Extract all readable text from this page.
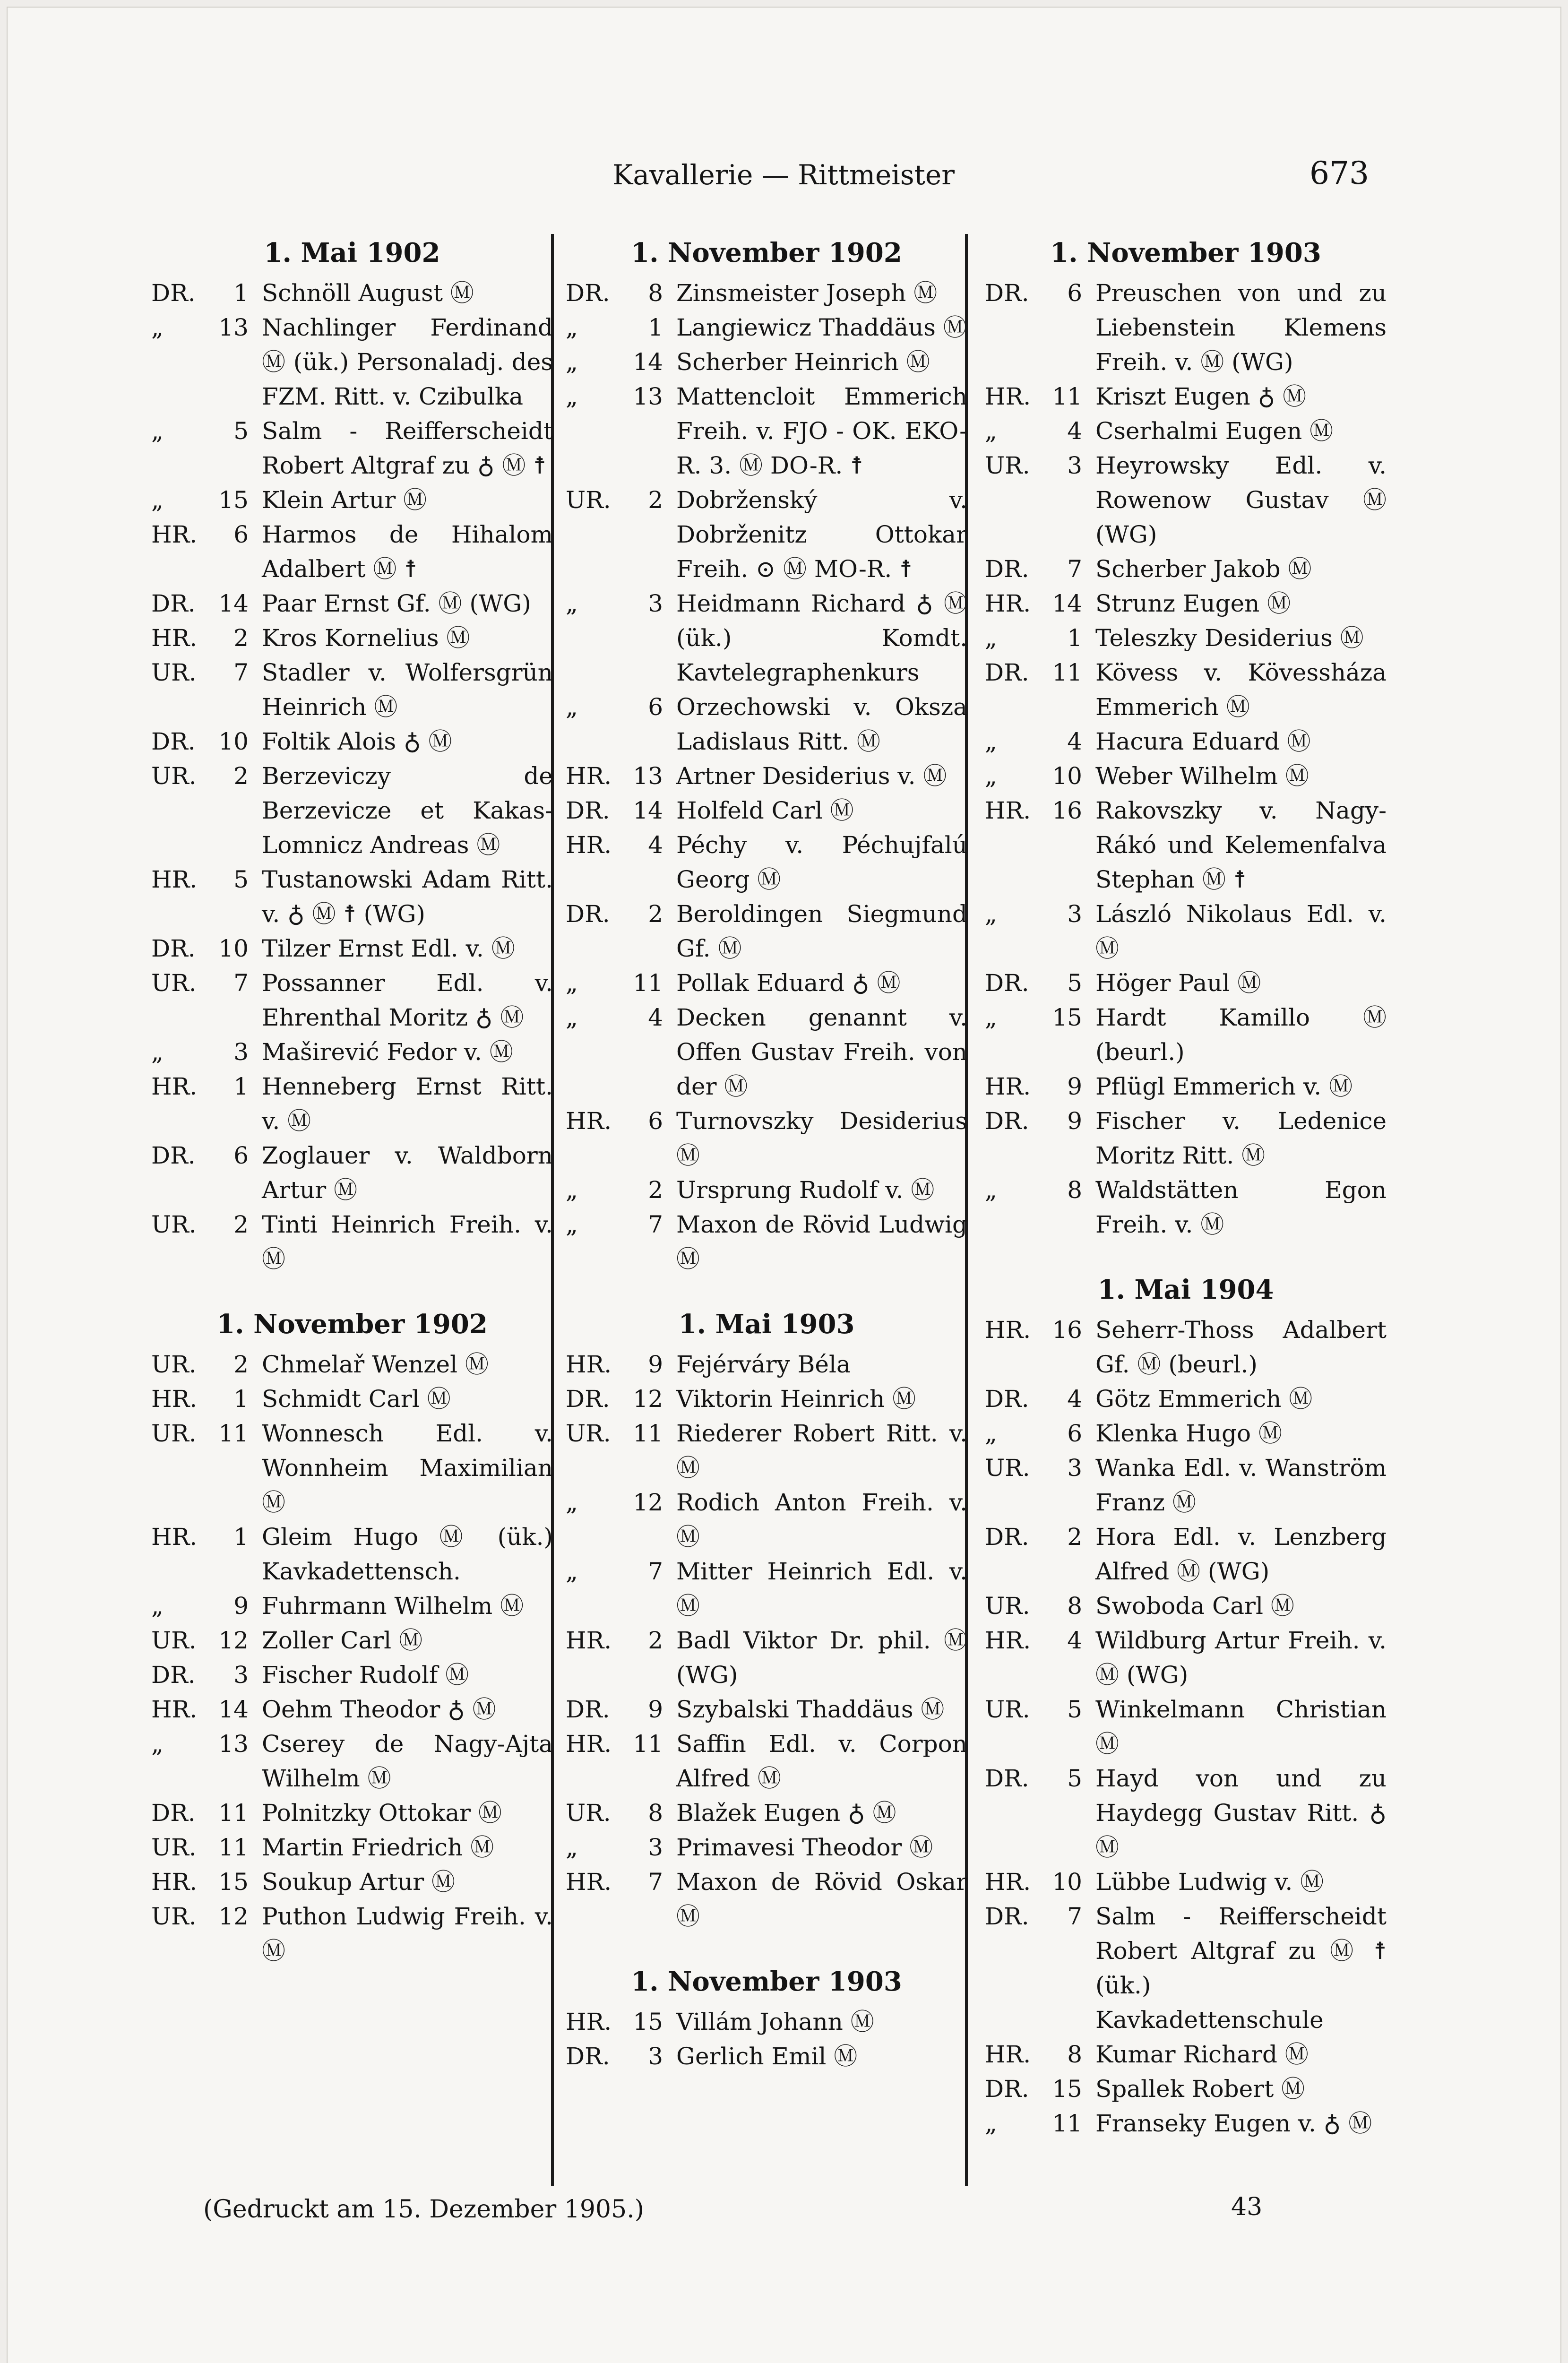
Kavallerie — Rittmeister	673
1. Mai 1902
DR.	1 Schnöll August Ⓜ
„	13 Nachlinger Ferdinand Ⓜ (ük.) Personaladj. des FZM. Ritt. v. Czibulka
„	5 Salm - Reifferscheidt Robert Altgraf zu ♁ Ⓜ ☨
„	15 Klein Artur Ⓜ
HR.	6 Harmos de Hihalom Adalbert Ⓜ ☨
DR. 14 Paar Ernst Gf. Ⓜ (WG)
HR.	2 Kros Kornelius Ⓜ
UR.	7 Stadler v. Wolfersgrün Heinrich Ⓜ
DR. 10 Foltik Alois ♁ Ⓜ
UR.	2 Berzeviczy de Berzevicze et Kakas-Lomnicz Andreas Ⓜ
HR.	5 Tustanowski Adam Ritt. v. ♁ Ⓜ ☨ (WG)
DR. 10 Tilzer Ernst Edl. v. Ⓜ
UR.	7 Possanner Edl. v. Ehrenthal Moritz ♁ Ⓜ
„	3 Maširević Fedor v. Ⓜ
HR.	1 Henneberg Ernst Ritt. v. Ⓜ
DR.	6 Zoglauer v. Waldborn Artur Ⓜ
UR.	2 Tinti Heinrich Freih. v. Ⓜ
1. November 1902
UR.	2 Chmelař Wenzel Ⓜ
HR.	1 Schmidt Carl Ⓜ
UR. 11 Wonnesch Edl. v. Wonnheim Maximilian Ⓜ
HR.	1 Gleim Hugo Ⓜ (ük.) Kavkadettensch.
„	9 Fuhrmann Wilhelm Ⓜ
UR. 12 Zoller Carl Ⓜ
DR.	3 Fischer Rudolf Ⓜ
HR. 14 Oehm Theodor ♁ Ⓜ
„	13 Cserey de Nagy-Ajta Wilhelm Ⓜ
DR. 11 Polnitzky Ottokar Ⓜ
UR. 11 Martin Friedrich Ⓜ
HR. 15 Soukup Artur Ⓜ
UR. 12 Puthon Ludwig Freih. v. Ⓜ
1. November 1902
DR.	8 Zinsmeister Joseph Ⓜ
„	1 Langiewicz Thaddäus Ⓜ
„	14 Scherber Heinrich Ⓜ
„	13 Mattencloit Emmerich Freih. v. FJO - OK. EKO-R. 3. Ⓜ DO-R. ☨
UR.	2 Dobrženský v. Dobrženitz Ottokar Freih. ⊙ Ⓜ MO-R. ☨
„	3 Heidmann Richard ♁ Ⓜ (ük.) Komdt. Kavtelegraphenkurs
„	6 Orzechowski v. Oksza Ladislaus Ritt. Ⓜ
HR. 13 Artner Desiderius v. Ⓜ
DR. 14 Holfeld Carl Ⓜ
HR.	4 Péchy v. Péchujfalú Georg Ⓜ
DR.	2 Beroldingen Siegmund Gf. Ⓜ
„	11 Pollak Eduard ♁ Ⓜ
„	4 Decken genannt v. Offen Gustav Freih. von der Ⓜ
HR.	6 Turnovszky Desiderius Ⓜ
„	2 Ursprung Rudolf v. Ⓜ
„	7 Maxon de Rövid Ludwig Ⓜ
1. Mai 1903
HR.	9 Fejérváry Béla
DR. 12 Viktorin Heinrich Ⓜ
UR. 11 Riederer Robert Ritt. v. Ⓜ
„	12 Rodich Anton Freih. v. Ⓜ
„	7 Mitter Heinrich Edl. v. Ⓜ
HR.	2 Badl Viktor Dr. phil. Ⓜ (WG)
DR.	9 Szybalski Thaddäus Ⓜ
HR. 11 Saffin Edl. v. Corpon Alfred Ⓜ
UR.	8 Blažek Eugen ♁ Ⓜ
„	3 Primavesi Theodor Ⓜ
HR.	7 Maxon de Rövid Oskar Ⓜ
1. November 1903
HR. 15 Villám Johann Ⓜ
DR.	3 Gerlich Emil Ⓜ
1. November 1903
DR.	6 Preuschen von und zu Liebenstein Klemens Freih. v. Ⓜ (WG)
HR. 11 Kriszt Eugen ♁ Ⓜ
„	4 Cserhalmi Eugen Ⓜ
UR.	3 Heyrowsky Edl. v. Rowenow Gustav Ⓜ (WG)
DR.	7 Scherber Jakob Ⓜ
HR. 14 Strunz Eugen Ⓜ
„	1 Teleszky Desiderius Ⓜ
DR. 11 Kövess v. Kövessháza Emmerich Ⓜ
„	4 Hacura Eduard Ⓜ
„	10 Weber Wilhelm Ⓜ
HR. 16 Rakovszky v. Nagy-Rákó und Kelemenfalva Stephan Ⓜ ☨
„	3 László Nikolaus Edl. v. Ⓜ
DR.	5 Höger Paul Ⓜ
„	15 Hardt Kamillo Ⓜ (beurl.)
HR.	9 Pflügl Emmerich v. Ⓜ
DR.	9 Fischer v. Ledenice Moritz Ritt. Ⓜ
„	8 Waldstätten Egon Freih. v. Ⓜ
1. Mai 1904
HR. 16 Seherr-Thoss Adalbert Gf. Ⓜ (beurl.)
DR.	4 Götz Emmerich Ⓜ
„	6 Klenka Hugo Ⓜ
UR.	3 Wanka Edl. v. Wanström Franz Ⓜ
DR.	2 Hora Edl. v. Lenzberg Alfred Ⓜ (WG)
UR.	8 Swoboda Carl Ⓜ
HR.	4 Wildburg Artur Freih. v. Ⓜ (WG)
UR.	5 Winkelmann Christian Ⓜ
DR.	5 Hayd von und zu Haydegg Gustav Ritt. ♁ Ⓜ
HR. 10 Lübbe Ludwig v. Ⓜ
DR.	7 Salm - Reifferscheidt Robert Altgraf zu Ⓜ ☨ (ük.) Kavkadettenschule
HR.	8 Kumar Richard Ⓜ
DR. 15 Spallek Robert Ⓜ
„	11 Franseky Eugen v. ♁ Ⓜ
(Gedruckt am 15. Dezember 1905.)	43
